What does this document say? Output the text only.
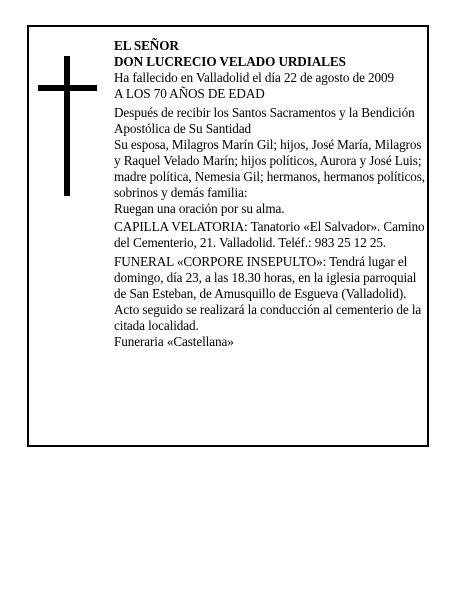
EL SEÑOR

DON LUCRECIO VELADO URDIALES

Ha fallecido en Valladolid el día 22 de agosto de 2009

A LOS 70 AÑOS DE EDAD

Después de recibir los Santos Sacramentos y la Bendición Apostólica de Su Santidad

Su esposa, Milagros Marín Gil; hijos, José María, Milagros y Raquel Velado Marín; hijos políticos, Aurora y José Luis; madre política, Nemesia Gil; hermanos, hermanos políticos, sobrinos y demás familia:

Ruegan una oración por su alma.

CAPILLA VELATORIA: Tanatorio «El Salvador». Camino del Cementerio, 21. Valladolid. Teléf.: 983 25 12 25.

FUNERAL «CORPORE INSEPULTO»: Tendrá lugar el domingo, día 23, a las 18.30 horas, en la iglesia parroquial de San Esteban, de Amusquillo de Esgueva (Valladolid). Acto seguido se realizará la conducción al cementerio de la citada localidad.

Funeraria «Castellana»
